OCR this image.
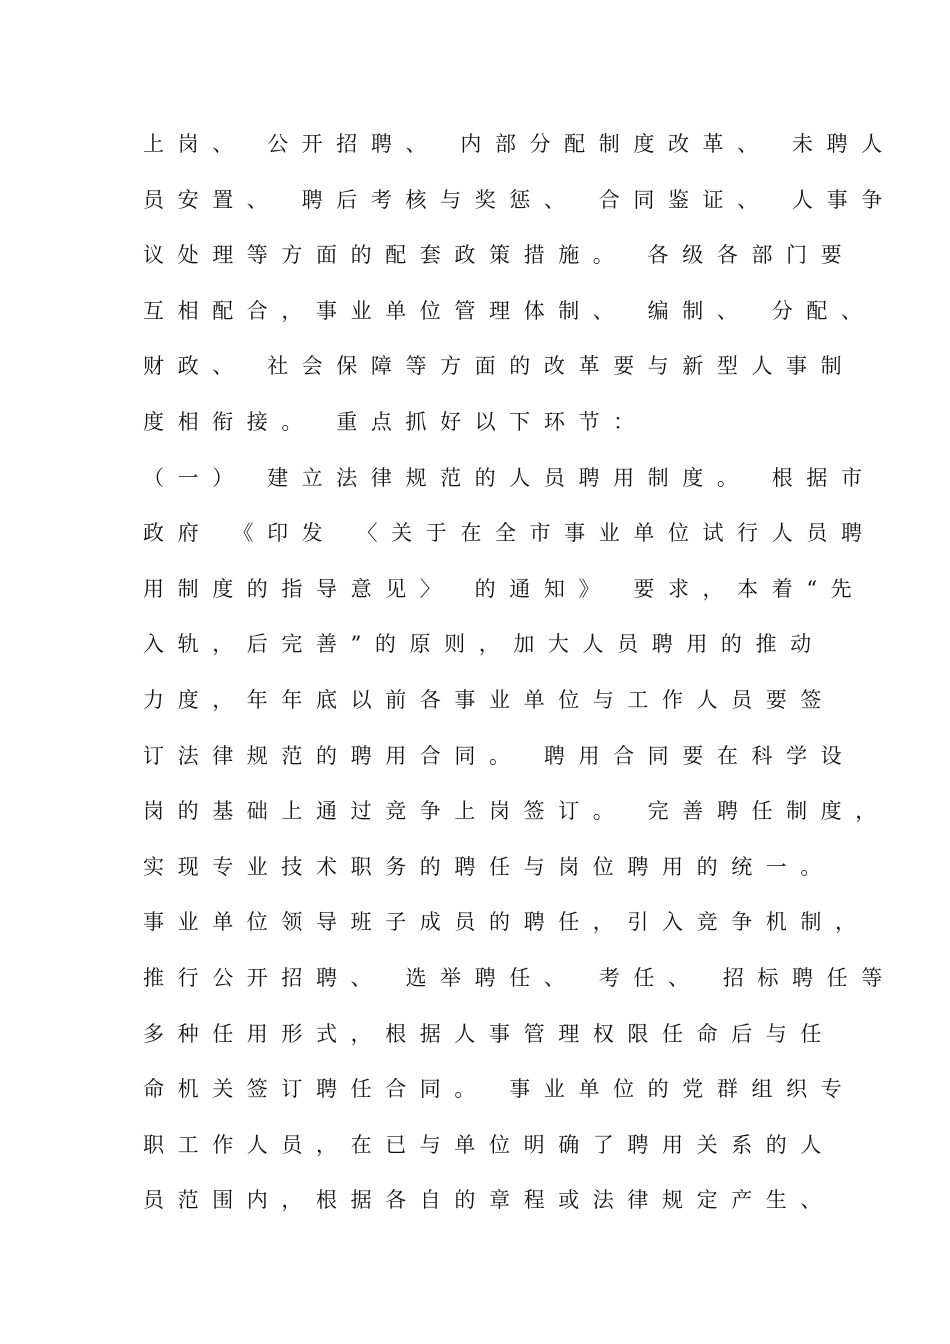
上岗、 公开招聘、 内部分配制度改革、 未聘人
员安置、 聘后考核与奖惩、 合同鉴证、 人事争
议处理等方面的配套政策措施。 各级各部门要
互相配合，事业单位管理体制、 编制、 分配、
财政、 社会保障等方面的改革要与新型人事制
度相衔接。 重点抓好以下环节：
（一） 建立法律规范的人员聘用制度。 根据市
政府 《印发 〈关于在全市事业单位试行人员聘
用制度的指导意见〉 的通知》 要求，本着“先
入轨，后完善”的原则，加大人员聘用的推动
力度，年年底以前各事业单位与工作人员要签
订法律规范的聘用合同。 聘用合同要在科学设
岗的基础上通过竞争上岗签订。 完善聘任制度，
实现专业技术职务的聘任与岗位聘用的统一。
事业单位领导班子成员的聘任，引入竞争机制，
推行公开招聘、 选举聘任、 考任、 招标聘任等
多种任用形式，根据人事管理权限任命后与任
命机关签订聘任合同。 事业单位的党群组织专
职工作人员，在已与单位明确了聘用关系的人
员范围内，根据各自的章程或法律规定产生、
